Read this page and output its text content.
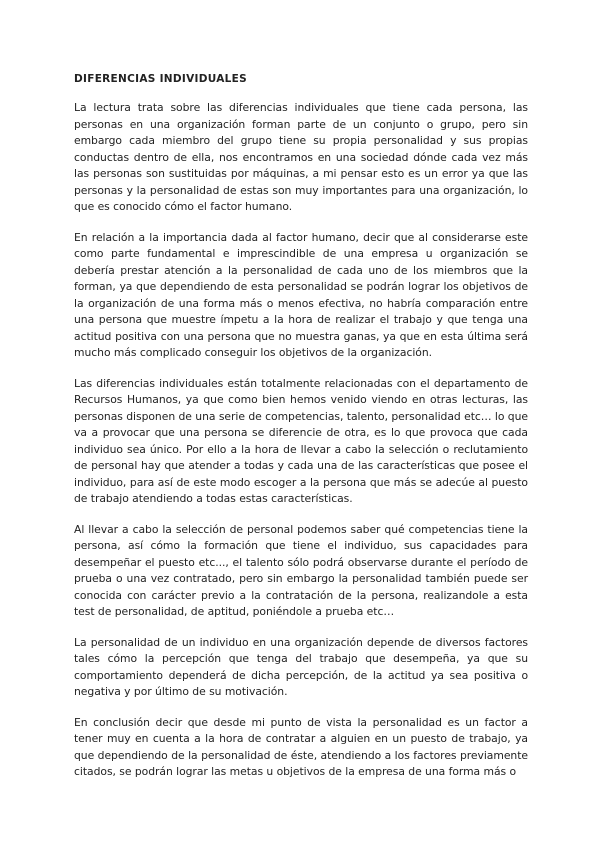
DIFERENCIAS INDIVIDUALES

La lectura trata sobre las diferencias individuales que tiene cada persona, las personas en una organización forman parte de un conjunto o grupo, pero sin embargo cada miembro del grupo tiene su propia personalidad y sus propias conductas dentro de ella, nos encontramos en una sociedad dónde cada vez más las personas son sustituidas por máquinas, a mi pensar esto es un error ya que las personas y la personalidad de estas son muy importantes para una organización, lo que es conocido cómo el factor humano.

En relación a la importancia dada al factor humano, decir que al considerarse este como parte fundamental e imprescindible de una empresa u organización se debería prestar atención a la personalidad de cada uno de los miembros que la forman, ya que dependiendo de esta personalidad se podrán lograr los objetivos de la organización de una forma más o menos efectiva, no habría comparación entre una persona que muestre ímpetu a la hora de realizar el trabajo y que tenga una actitud positiva con una persona que no muestra ganas, ya que en esta última será mucho más complicado conseguir los objetivos de la organización.

Las diferencias individuales están totalmente relacionadas con el departamento de Recursos Humanos, ya que como bien hemos venido viendo en otras lecturas, las personas disponen de una serie de competencias, talento, personalidad etc… lo que va a provocar que una persona se diferencie de otra, es lo que provoca que cada individuo sea único. Por ello a la hora de llevar a cabo la selección o reclutamiento de personal hay que atender a todas y cada una de las características que posee el individuo, para así de este modo escoger a la persona que más se adecúe al puesto de trabajo atendiendo a todas estas características.

Al llevar a cabo la selección de personal podemos saber qué competencias tiene la persona, así cómo la formación que tiene el individuo, sus capacidades para desempeñar el puesto etc..., el talento sólo podrá observarse durante el período de prueba o una vez contratado, pero sin embargo la personalidad también puede ser conocida con carácter previo a la contratación de la persona, realizandole a esta test de personalidad, de aptitud, poniéndole a prueba etc…

La personalidad de un individuo en una organización depende de diversos factores tales cómo la percepción que tenga del trabajo que desempeña, ya que su comportamiento dependerá de dicha percepción, de la actitud ya sea positiva o negativa y por último de su motivación.

En conclusión decir que desde mi punto de vista la personalidad es un factor a tener muy en cuenta a la hora de contratar a alguien en un puesto de trabajo, ya que dependiendo de la personalidad de éste, atendiendo a los factores previamente citados, se podrán lograr las metas u objetivos de la empresa de una forma más o
